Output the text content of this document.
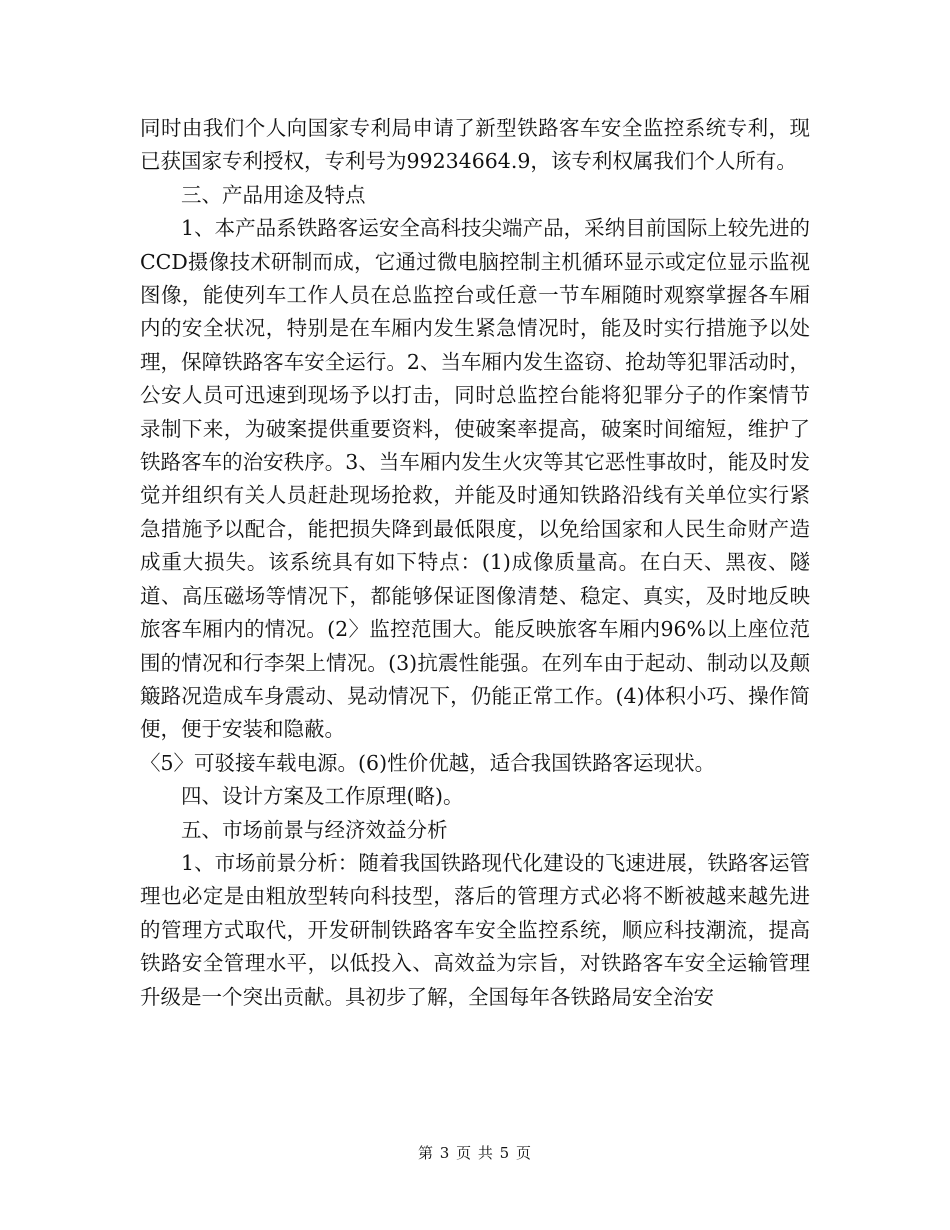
同时由我们个人向国家专利局申请了新型铁路客车安全监控系统专利，现已获国家专利授权，专利号为99234664.9，该专利权属我们个人所有。

三、产品用途及特点

1、本产品系铁路客运安全高科技尖端产品，采纳目前国际上较先进的CCD摄像技术研制而成，它通过微电脑控制主机循环显示或定位显示监视图像，能使列车工作人员在总监控台或任意一节车厢随时观察掌握各车厢内的安全状况，特别是在车厢内发生紧急情况时，能及时实行措施予以处理，保障铁路客车安全运行。2、当车厢内发生盗窃、抢劫等犯罪活动时，公安人员可迅速到现场予以打击，同时总监控台能将犯罪分子的作案情节录制下来，为破案提供重要资料，使破案率提高，破案时间缩短，维护了铁路客车的治安秩序。3、当车厢内发生火灾等其它恶性事故时，能及时发觉并组织有关人员赶赴现场抢救，并能及时通知铁路沿线有关单位实行紧急措施予以配合，能把损失降到最低限度，以免给国家和人民生命财产造成重大损失。该系统具有如下特点：(1)成像质量高。在白天、黑夜、隧道、高压磁场等情况下，都能够保证图像清楚、稳定、真实，及时地反映旅客车厢内的情况。(2〉监控范围大。能反映旅客车厢内96%以上座位范围的情况和行李架上情况。(3)抗震性能强。在列车由于起动、制动以及颠簸路况造成车身震动、晃动情况下，仍能正常工作。(4)体积小巧、操作简便，便于安装和隐蔽。

〈5〉可驳接车载电源。(6)性价优越，适合我国铁路客运现状。

四、设计方案及工作原理(略)。

五、市场前景与经济效益分析

1、市场前景分析：随着我国铁路现代化建设的飞速进展，铁路客运管理也必定是由粗放型转向科技型，落后的管理方式必将不断被越来越先进的管理方式取代，开发研制铁路客车安全监控系统，顺应科技潮流，提高铁路安全管理水平，以低投入、高效益为宗旨，对铁路客车安全运输管理升级是一个突出贡献。具初步了解，全国每年各铁路局安全治安

第 3 页 共 5 页
